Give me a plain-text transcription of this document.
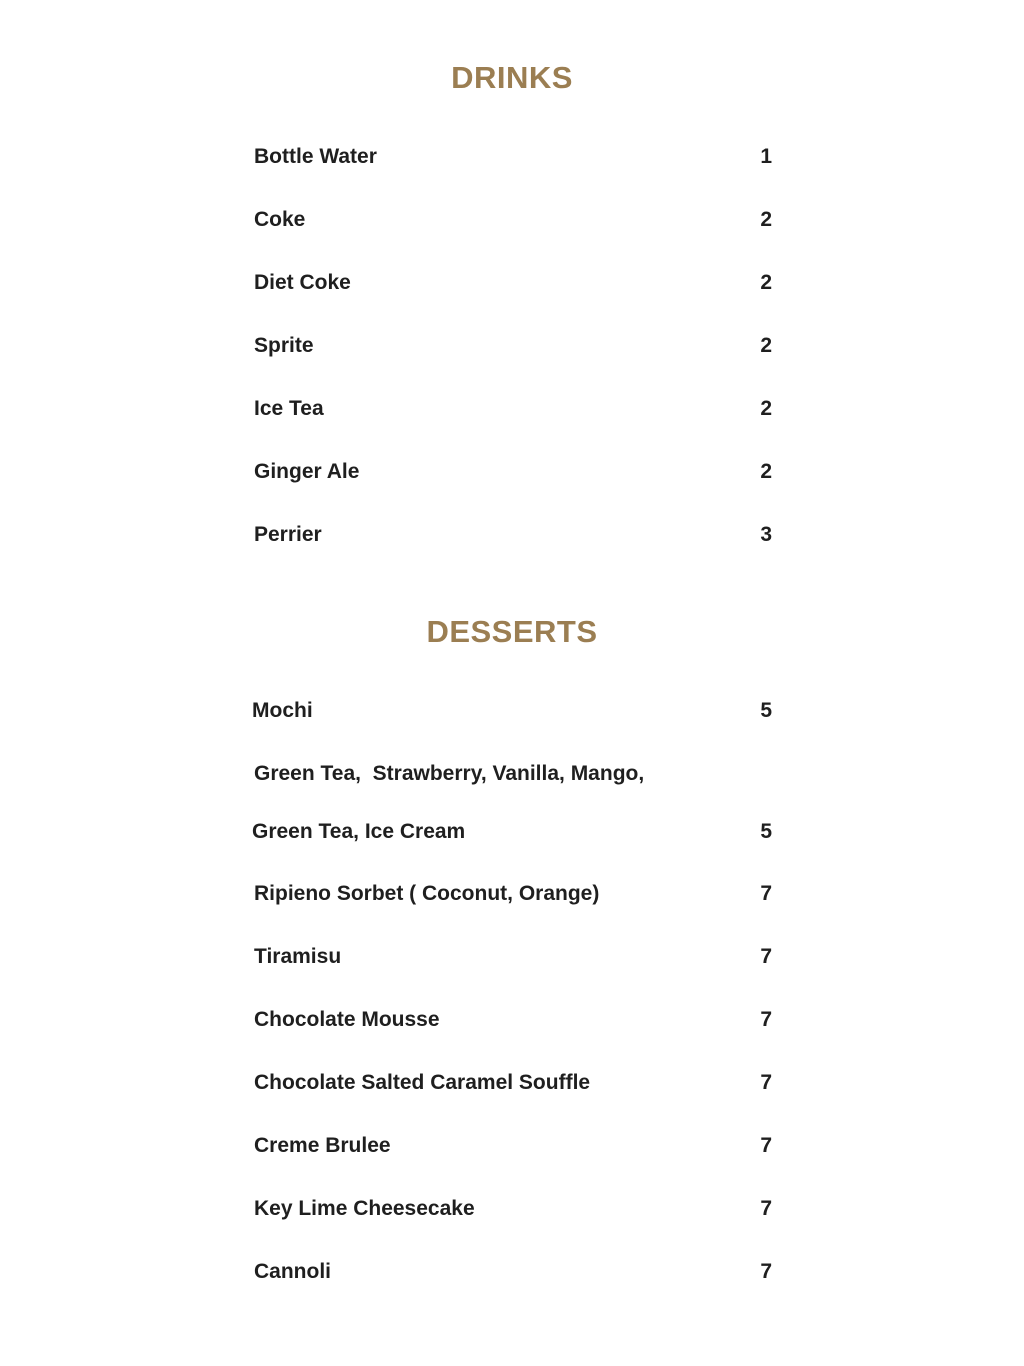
DRINKS
Bottle Water	1
Coke	2
Diet Coke	2
Sprite	2
Ice Tea	2
Ginger Ale	2
Perrier	3
DESSERTS
Mochi	5
Green Tea,  Strawberry, Vanilla, Mango,
Green Tea, Ice Cream	5
Ripieno Sorbet ( Coconut, Orange)	7
Tiramisu	7
Chocolate Mousse	7
Chocolate Salted Caramel Souffle	7
Creme Brulee	7
Key Lime Cheesecake	7
Cannoli	7
